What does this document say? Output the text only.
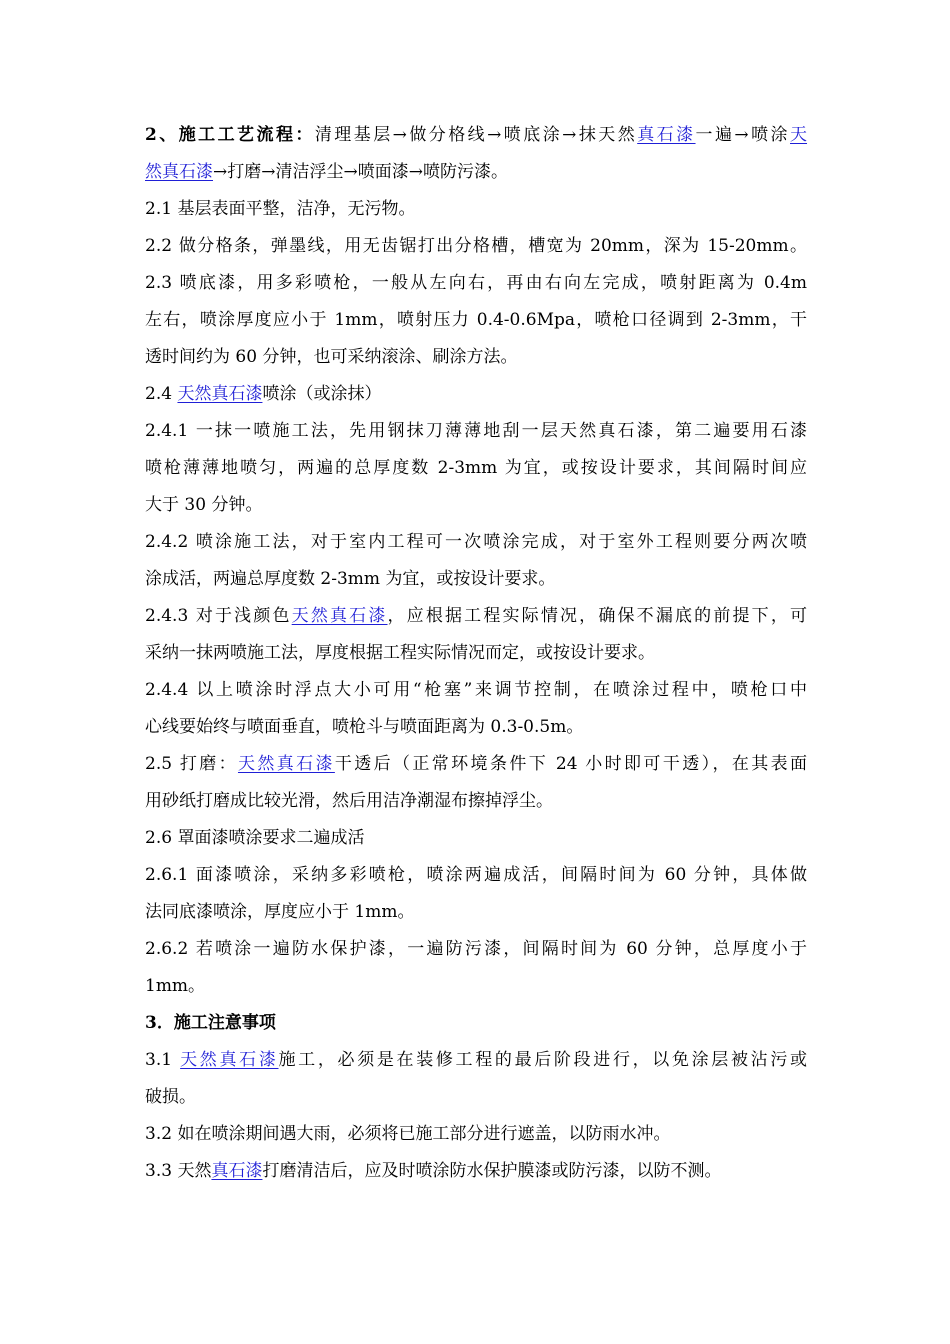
2、施工工艺流程：清理基层→做分格线→喷底涂→抹天然真石漆一遍→喷涂天
然真石漆→打磨→清洁浮尘→喷面漆→喷防污漆。
2.1 基层表面平整，洁净，无污物。
2.2 做分格条，弹墨线，用无齿锯打出分格槽，槽宽为 20mm，深为 15-20mm。
2.3 喷底漆，用多彩喷枪，一般从左向右，再由右向左完成，喷射距离为 0.4m
左右，喷涂厚度应小于 1mm，喷射压力 0.4-0.6Mpa，喷枪口径调到 2-3mm，干
透时间约为 60 分钟，也可采纳滚涂、刷涂方法。
2.4 天然真石漆喷涂（或涂抹）
2.4.1 一抹一喷施工法，先用钢抹刀薄薄地刮一层天然真石漆，第二遍要用石漆
喷枪薄薄地喷匀，两遍的总厚度数 2-3mm 为宜，或按设计要求，其间隔时间应
大于 30 分钟。
2.4.2 喷涂施工法，对于室内工程可一次喷涂完成，对于室外工程则要分两次喷
涂成活，两遍总厚度数 2-3mm 为宜，或按设计要求。
2.4.3 对于浅颜色天然真石漆，应根据工程实际情况，确保不漏底的前提下，可
采纳一抹两喷施工法，厚度根据工程实际情况而定，或按设计要求。
2.4.4 以上喷涂时浮点大小可用“枪塞”来调节控制，在喷涂过程中，喷枪口中
心线要始终与喷面垂直，喷枪斗与喷面距离为 0.3-0.5m。
2.5 打磨：天然真石漆干透后（正常环境条件下 24 小时即可干透），在其表面
用砂纸打磨成比较光滑，然后用洁净潮湿布擦掉浮尘。
2.6 罩面漆喷涂要求二遍成活
2.6.1 面漆喷涂，采纳多彩喷枪，喷涂两遍成活，间隔时间为 60 分钟，具体做
法同底漆喷涂，厚度应小于 1mm。
2.6.2 若喷涂一遍防水保护漆，一遍防污漆，间隔时间为 60 分钟，总厚度小于
1mm。
3．施工注意事项
3.1 天然真石漆施工，必须是在装修工程的最后阶段进行，以免涂层被沾污或
破损。
3.2 如在喷涂期间遇大雨，必须将已施工部分进行遮盖，以防雨水冲。
3.3 天然真石漆打磨清洁后，应及时喷涂防水保护膜漆或防污漆，以防不测。
